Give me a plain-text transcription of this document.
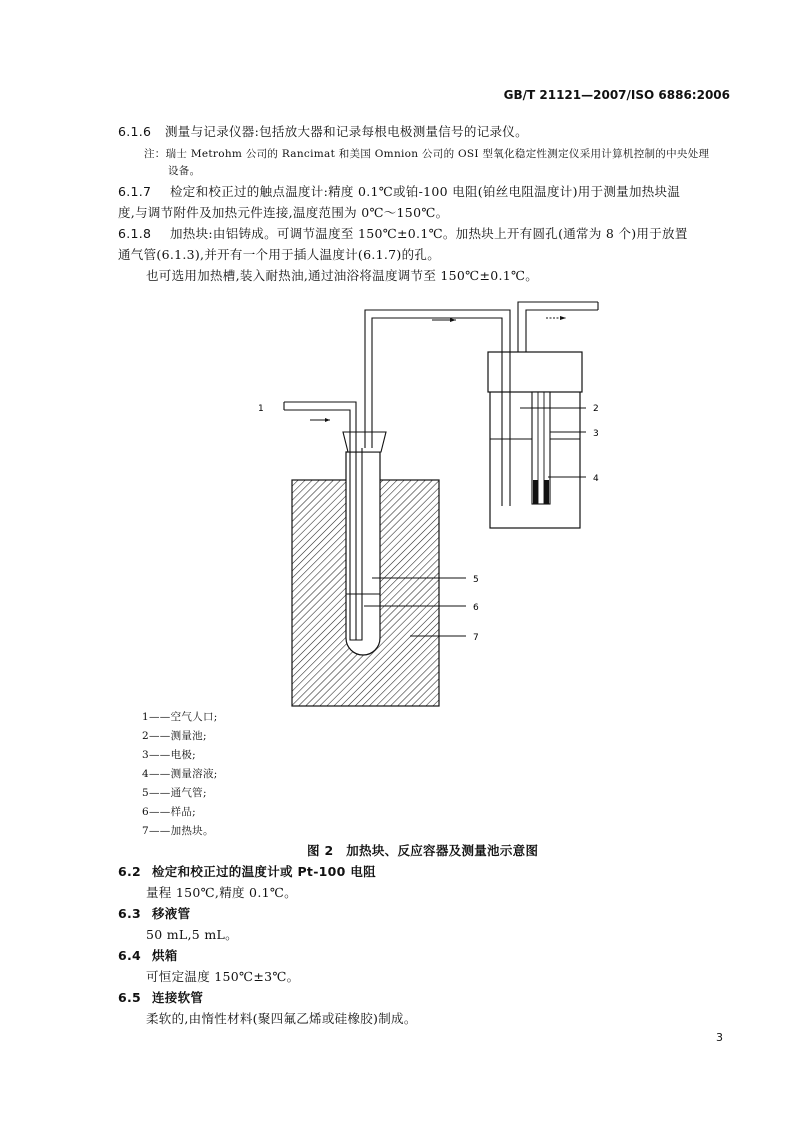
GB/T 21121—2007/ISO 6886:2006
6.1.6 测量与记录仪器:包括放大器和记录每根电极测量信号的记录仪。
注：瑞士 Metrohm 公司的 Rancimat 和美国 Omnion 公司的 OSI 型氧化稳定性测定仪采用计算机控制的中央处理
设备。
6.1.7 检定和校正过的触点温度计:精度 0.1℃或铂-100 电阻(铂丝电阻温度计)用于测量加热块温
度,与调节附件及加热元件连接,温度范围为 0℃～150℃。
6.1.8 加热块:由铝铸成。可调节温度至 150℃±0.1℃。加热块上开有圆孔(通常为 8 个)用于放置
通气管(6.1.3),并开有一个用于插人温度计(6.1.7)的孔。
也可选用加热槽,装入耐热油,通过油浴将温度调节至 150℃±0.1℃。
1	2
3
4
5
6
7
1——空气人口;
2——测量池;
3——电极;
4——测量溶液;
5——通气管;
6——样品;
7——加热块。
图 2　加热块、反应容器及测量池示意图
6.2 检定和校正过的温度计或 Pt-100 电阻
量程 150℃,精度 0.1℃。
6.3 移液管
50 mL,5 mL。
6.4 烘箱
可恒定温度 150℃±3℃。
6.5 连接软管
柔软的,由惰性材料(聚四氟乙烯或硅橡胶)制成。
3
